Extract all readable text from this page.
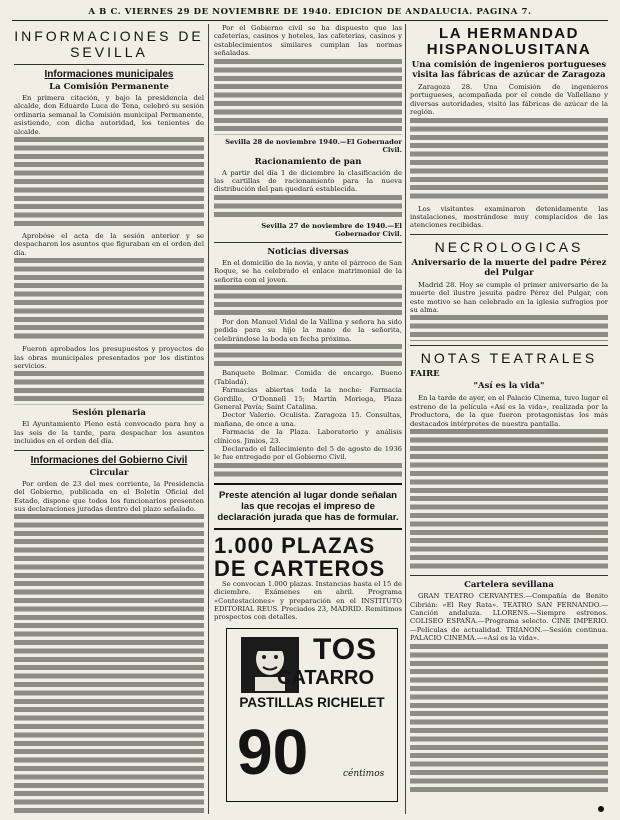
A B C. VIERNES 29 DE NOVIEMBRE DE 1940. EDICION DE ANDALUCIA. PAGINA 7.
INFORMACIONES DE SEVILLA
Informaciones municipales
La Comisión Permanente

En primera citación, y bajo la presidencia del alcalde, don Eduardo Luca de Tena, celebró su sesión ordinaria semanal la Comisión municipal Permanente, asistiendo, con dicha autoridad, los tenientes de alcalde.

Aprobóse el acta de la sesión anterior y se despacharon los asuntos que figuraban en el orden del día.

Fueron aprobados los presupuestos y proyectos de las obras municipales presentados por los distintos servicios.

Sesión plenaria

El Ayuntamiento Pleno está convocado para hoy a las seis de la tarde, para despachar los asuntos incluidos en el orden del día.

Informaciones del Gobierno Civil
Circular

Por orden de 23 del mes corriente, la Presidencia del Gobierno, publicada en el Boletín Oficial del Estado, dispone que todos los funcionarios presenten sus declaraciones juradas dentro del plazo señalado.

Por el Gobierno civil se ha dispuesto que las cafeterías, casinos y hoteles, las cafeterías, casinos y establecimientos similares cumplan las normas señaladas.

Sevilla 28 de noviembre 1940.—El Gobernador Civil.
Racionamiento de pan

A partir del día 1 de diciembre la clasificación de las cartillas de racionamiento para la nueva distribución del pan quedará establecida.

Sevilla 27 de noviembre de 1940.—El Gobernador Civil.
Noticias diversas

En el domicilio de la novia, y ante el párroco de San Roque, se ha celebrado el enlace matrimonial de la señorita con el joven.

Por don Manuel Vidal de la Vallina y señora ha sido pedida para su hijo la mano de la señorita, celebrándose la boda en fecha próxima.

Banquete Bolmar. Comida de encargo. Bueno (Tabladá).

Farmacias abiertas toda la noche: Farmacia Gordillo, O'Donnell 15; Martín Moriega, Plaza General Pavía; Saint Catalina.

Doctor Valerio. Oculista. Zaragoza 15. Consultas, mañana, de once a una.

Farmacia de la Plaza. Laboratorio y análisis clínicos. Jimios, 23.

Declarado el fallecimiento del 5 de agosto de 1936 le fue entregado por el Gobierno Civil.

Preste atención al lugar donde señalan las que recojas el impreso de declaración jurada que has de formular.
1.000 PLAZAS DE CARTEROS

Se convocan 1.000 plazas. Instancias hasta el 15 de diciembre. Exámenes en abril. Programa «Contestaciones» y preparación en el INSTITUTO EDITORIAL REUS. Preciados 23, MADRID. Remitimos prospectos con detalles.

TOS
CATARRO
PASTILLAS RICHELET
90	céntimos
LA HERMANDAD HISPANOLUSITANA
Una comisión de ingenieros portugueses visita las fábricas de azúcar de Zaragoza

Zaragoza 28. Una Comisión de ingenieros portugueses, acompañada por el conde de Vallellano y diversas autoridades, visitó las fábricas de azúcar de la región.

Los visitantes examinaron detenidamente las instalaciones, mostrándose muy complacidos de las atenciones recibidas.

NECROLOGICAS
Aniversario de la muerte del padre Pérez del Pulgar

Madrid 28. Hoy se cumple el primer aniversario de la muerte del ilustre jesuita padre Pérez del Pulgar, con este motivo se han celebrado en la iglesia sufragios por su alma.

NOTAS TEATRALES
FAIRE
"Así es la vida"

En la tarde de ayer, en el Palacio Cinema, tuvo lugar el estreno de la película «Así es la vida», realizada por la Productora, de la que fueron protagonistas los más destacados intérpretes de nuestra pantalla.

Cartelera sevillana

GRAN TEATRO CERVANTES.—Compañía de Benito Cibrián: «El Rey Rata». TEATRO SAN FERNANDO.—Canción andaluza. LLORENS.—Siempre estrenos. COLISEO ESPAÑA.—Programa selecto. CINE IMPERIO.—Películas de actualidad. TRIANON.—Sesión continua. PALACIO CINEMA.—«Así es la vida».
